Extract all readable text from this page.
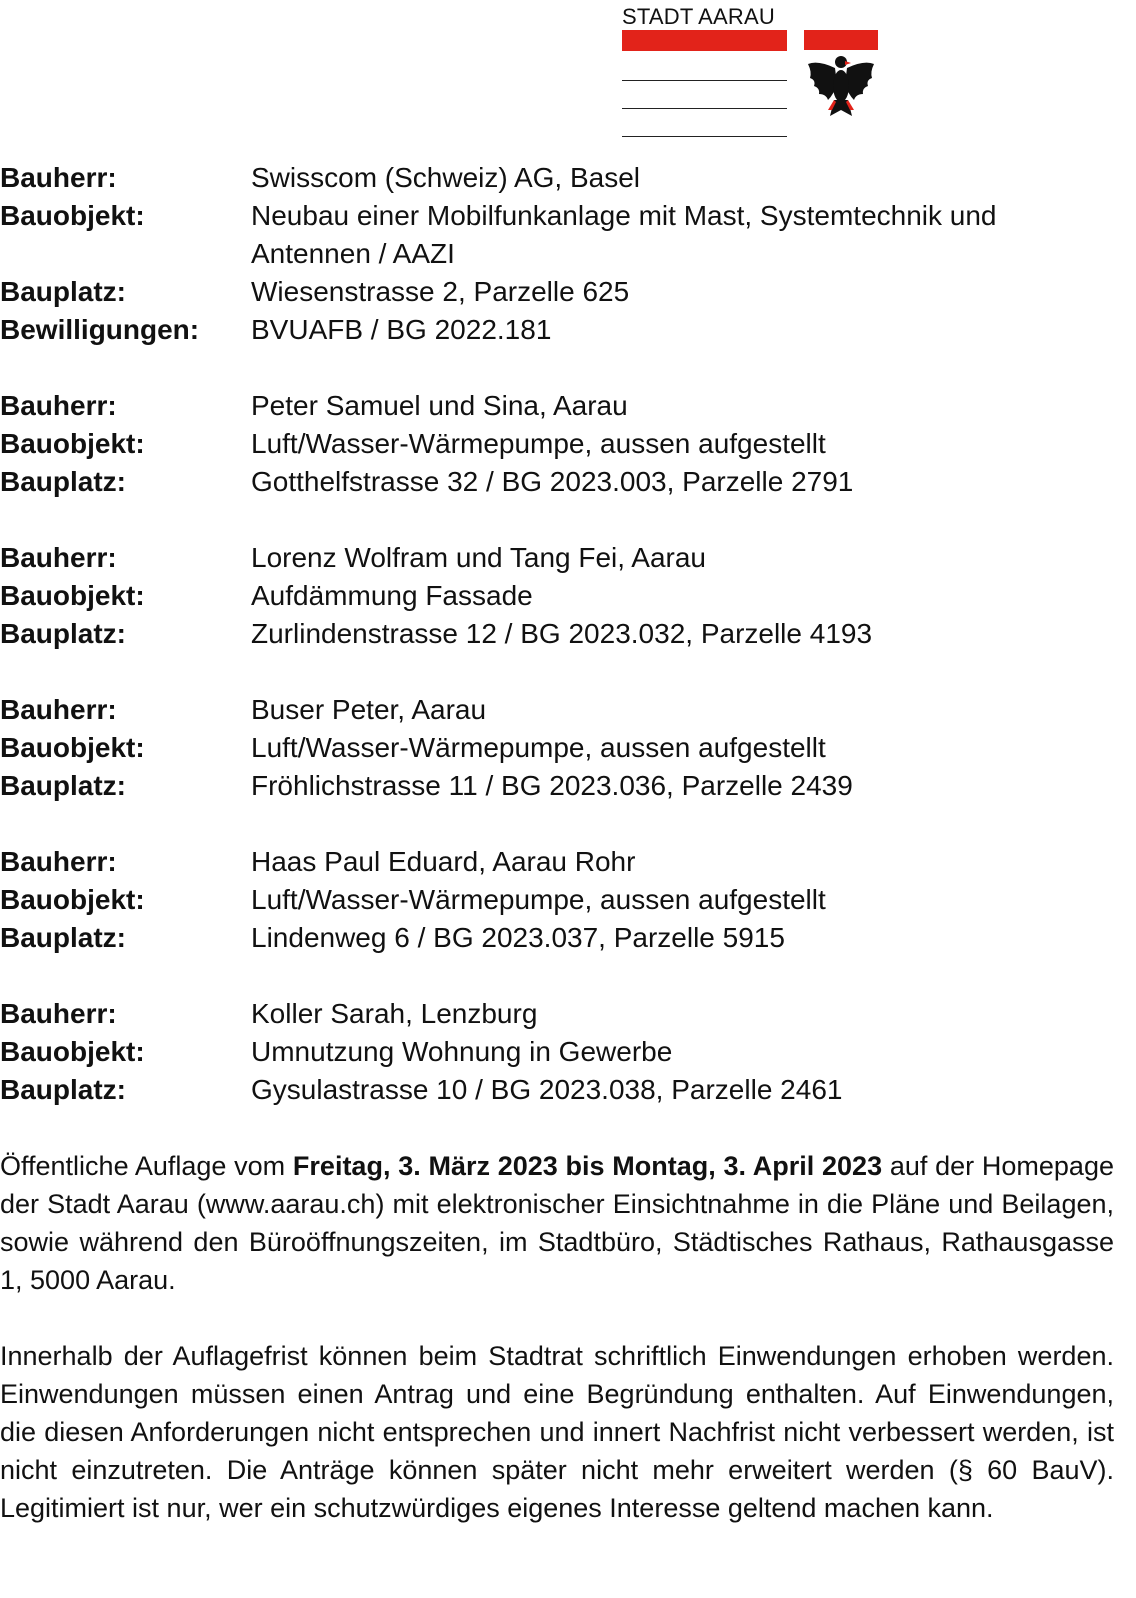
STADT AARAU
Bauherr:	Swisscom (Schweiz) AG, Basel
Bauobjekt:	Neubau einer Mobilfunkanlage mit Mast, Systemtechnik und Antennen / AAZI
Bauplatz:	Wiesenstrasse 2, Parzelle 625
Bewilligungen:	BVUAFB / BG 2022.181
Bauherr:	Peter Samuel und Sina, Aarau
Bauobjekt:	Luft/Wasser-Wärmepumpe, aussen aufgestellt
Bauplatz:	Gotthelfstrasse 32 / BG 2023.003, Parzelle 2791
Bauherr:	Lorenz Wolfram und Tang Fei, Aarau
Bauobjekt:	Aufdämmung Fassade
Bauplatz:	Zurlindenstrasse 12 / BG 2023.032, Parzelle 4193
Bauherr:	Buser Peter, Aarau
Bauobjekt:	Luft/Wasser-Wärmepumpe, aussen aufgestellt
Bauplatz:	Fröhlichstrasse 11 / BG 2023.036, Parzelle 2439
Bauherr:	Haas Paul Eduard, Aarau Rohr
Bauobjekt:	Luft/Wasser-Wärmepumpe, aussen aufgestellt
Bauplatz:	Lindenweg 6 / BG 2023.037, Parzelle 5915
Bauherr:	Koller Sarah, Lenzburg
Bauobjekt:	Umnutzung Wohnung in Gewerbe
Bauplatz:	Gysulastrasse 10 / BG 2023.038, Parzelle 2461

Öffentliche Auflage vom Freitag, 3. März 2023 bis Montag, 3. April 2023 auf der Homepage der Stadt Aarau (www.aarau.ch) mit elektronischer Einsichtnahme in die Pläne und Beilagen, sowie während den Büroöffnungszeiten, im Stadtbüro, Städtisches Rathaus, Rathausgasse 1, 5000 Aarau.

Innerhalb der Auflagefrist können beim Stadtrat schriftlich Einwendungen erhoben werden. Einwendungen müssen einen Antrag und eine Begründung enthalten. Auf Einwendungen, die diesen Anforderungen nicht entsprechen und innert Nachfrist nicht verbessert werden, ist nicht einzutreten. Die Anträge können später nicht mehr erweitert werden (§ 60 BauV). Legitimiert ist nur, wer ein schutzwürdiges eigenes Interesse geltend machen kann.
